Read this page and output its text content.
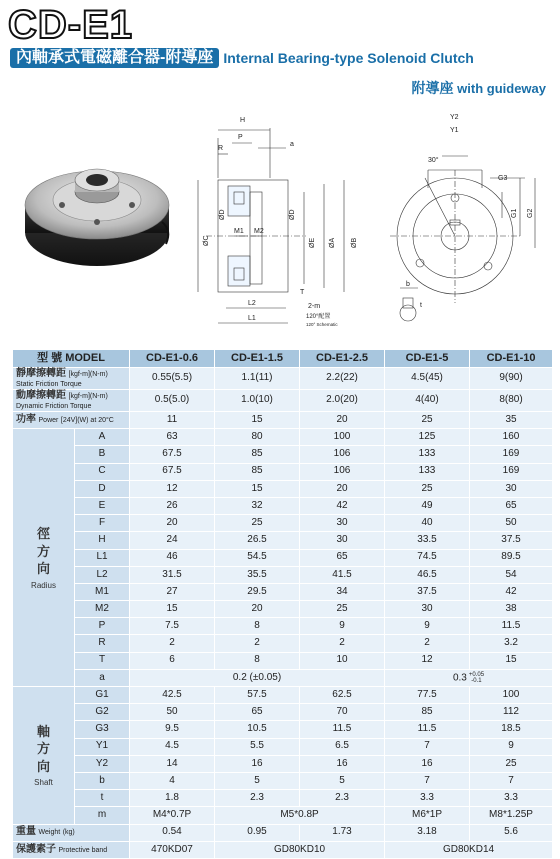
CD-E1
內軸承式電磁離合器-附導座 Internal Bearing-type Solenoid Clutch
附導座 with guideway
H
P
R
a
ØD	ØD
ØC
M1 M2
ØE ØA ØB
L2
T
L1
2-m
120°配置
120° Schematic
Y2
Y1
30°
G3
G1 G2
b
t
型 號 MODEL		CD-E1-0.6	CD-E1-1.5	CD-E1-2.5	CD-E1-5	CD-E1-10
靜摩擦轉距 [kgf-m](N-m)
Static Friction Torque		0.55(5.5)	1.1(11)	2.2(22)	4.5(45)	9(90)
動摩擦轉距 [kgf-m](N-m)
Dynamic Friction Torque		0.5(5.0)	1.0(10)	2.0(20)	4(40)	8(80)
功率 Power [24V](W) at 20°C		11	15	20	25	35

徑
方
向
Radius	A	63	80	100	125	160
	B	67.5	85	106	133	169
	C	67.5	85	106	133	169
	D	12	15	20	25	30
	E	26	32	42	49	65
	F	20	25	30	40	50
	H	24	26.5	30	33.5	37.5
	L1	46	54.5	65	74.5	89.5
	L2	31.5	35.5	41.5	46.5	54
	M1	27	29.5	34	37.5	42
	M2	15	20	25	30	38
	P	7.5	8	9	9	11.5
	R	2	2	2	2	3.2
	T	6	8	10	12	15
	a	0.2 (±0.05)			0.3 +0.05
-0.1	

軸
方
向
Shaft	G1	42.5	57.5	62.5	77.5	100
	G2	50	65	70	85	112
	G3	9.5	10.5	11.5	11.5	18.5
	Y1	4.5	5.5	6.5	7	9
	Y2	14	16	16	16	25
	b	4	5	5	7	7
	t	1.8	2.3	2.3	3.3	3.3
	m	M4*0.7P	M5*0.8P		M6*1P	M8*1.25P
重量 Weight (kg)		0.54	0.95	1.73	3.18	5.6
保護素子 Protective band		470KD07	GD80KD10		GD80KD14	
